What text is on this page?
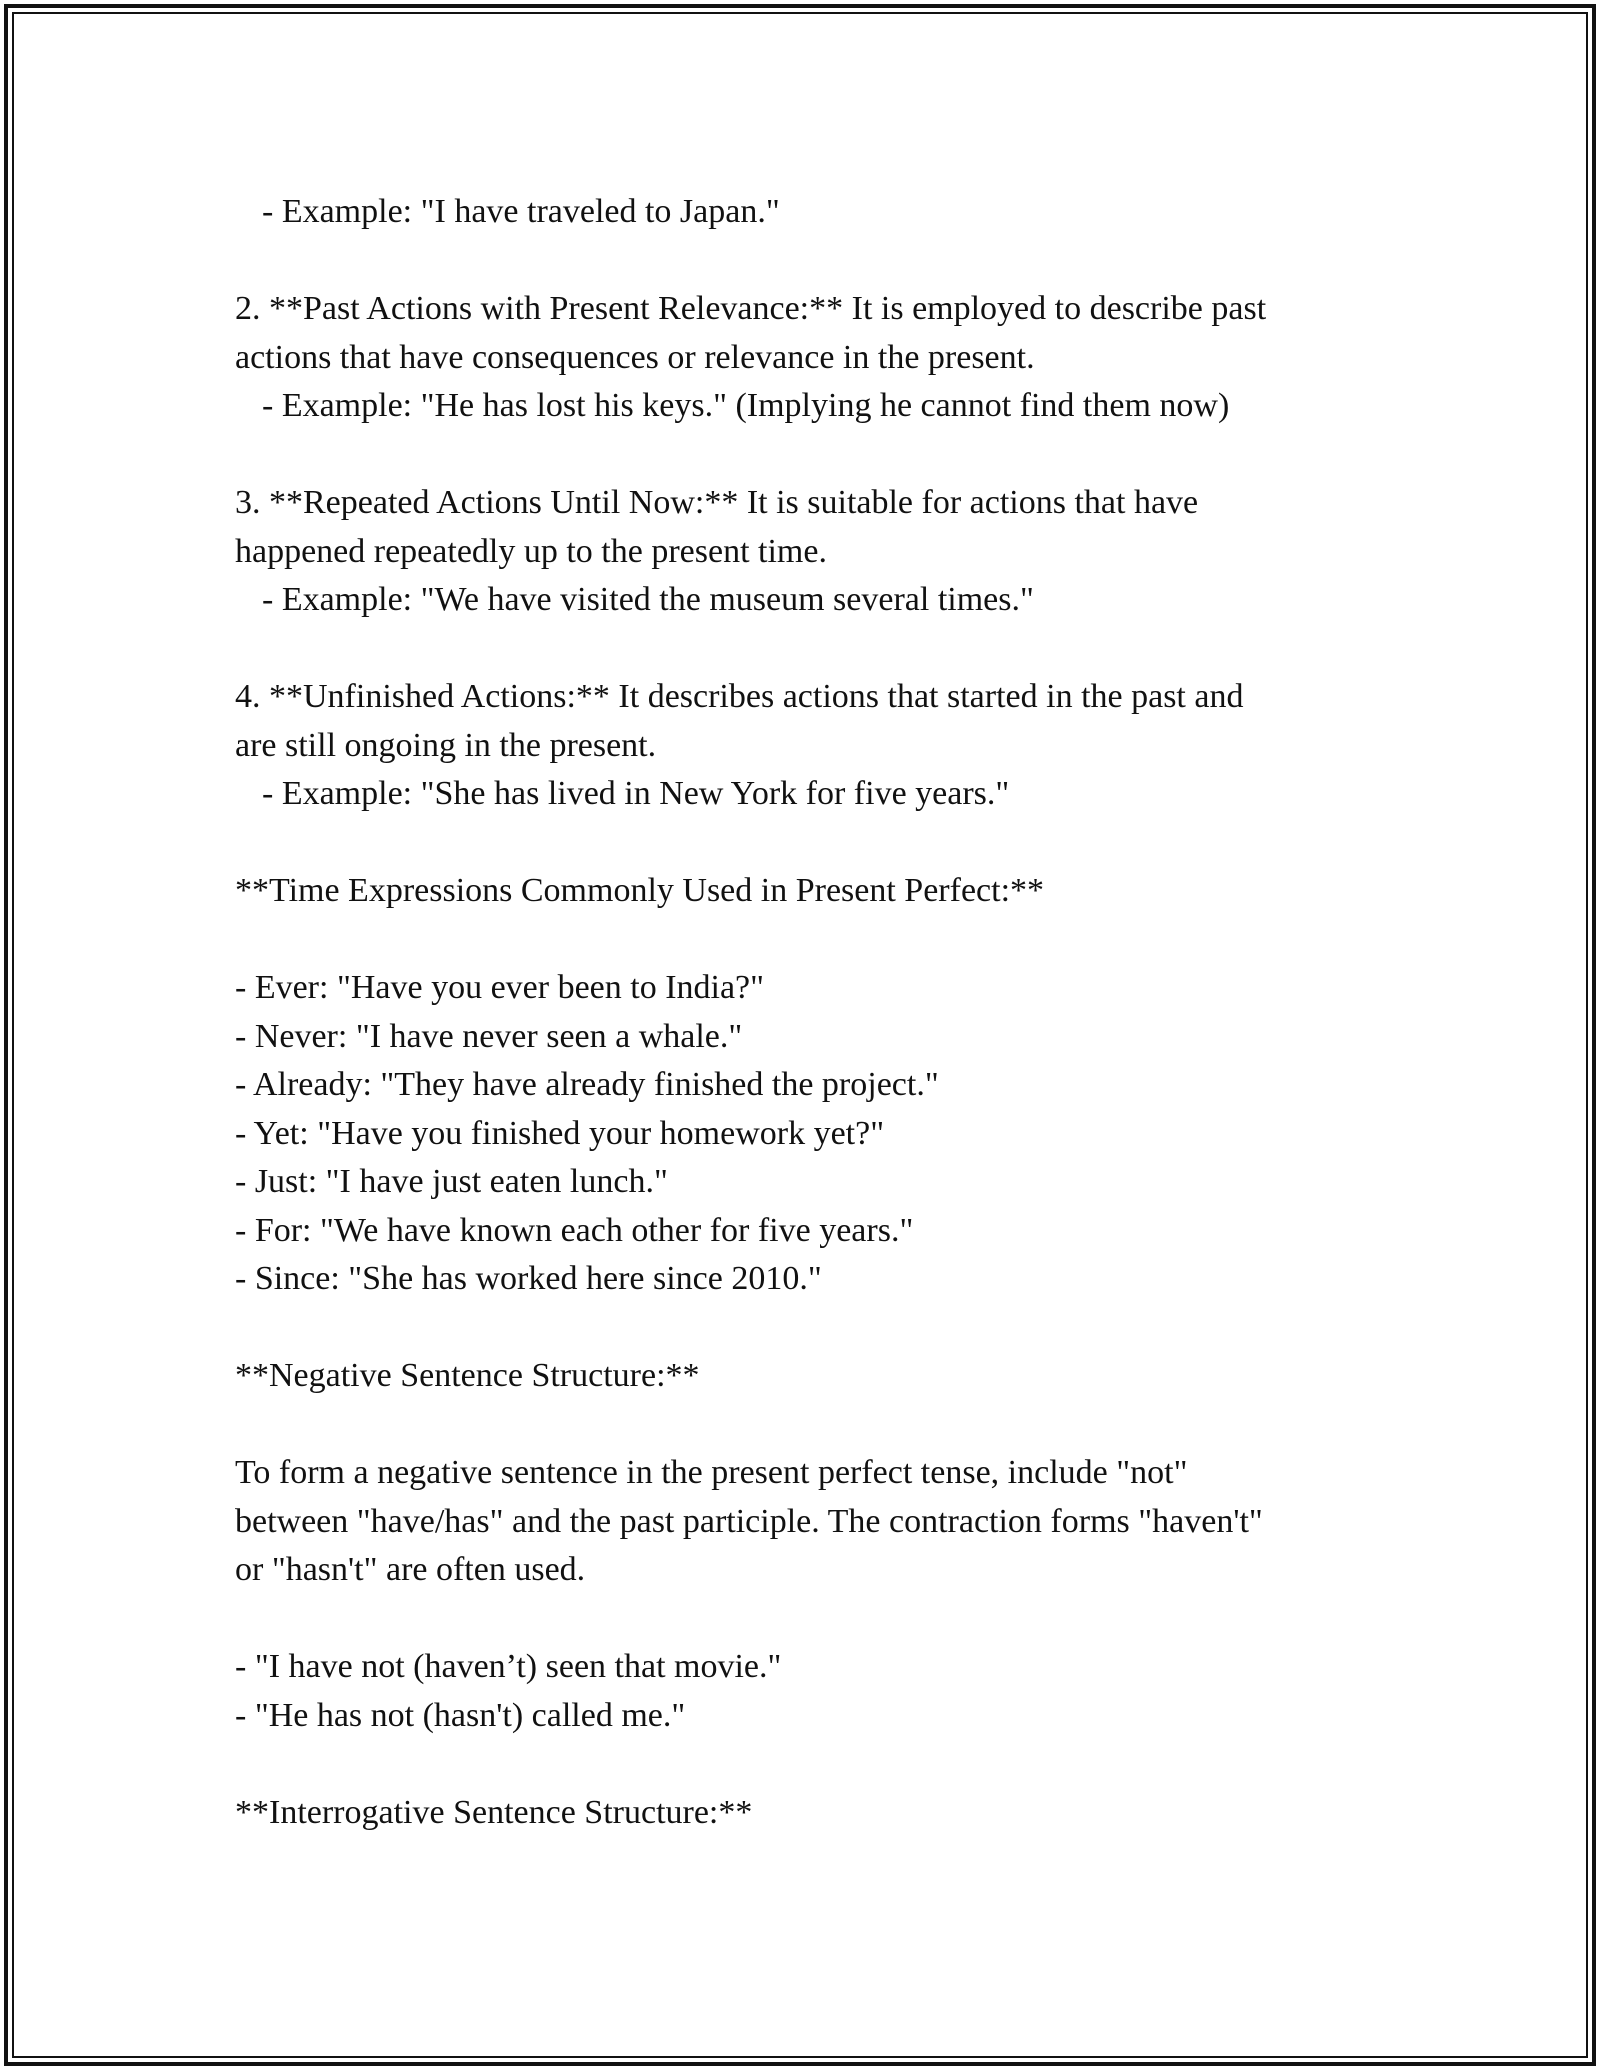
- Example: "I have traveled to Japan."
2. **Past Actions with Present Relevance:** It is employed to describe past
actions that have consequences or relevance in the present.
- Example: "He has lost his keys." (Implying he cannot find them now)
3. **Repeated Actions Until Now:** It is suitable for actions that have
happened repeatedly up to the present time.
- Example: "We have visited the museum several times."
4. **Unfinished Actions:** It describes actions that started in the past and
are still ongoing in the present.
- Example: "She has lived in New York for five years."
**Time Expressions Commonly Used in Present Perfect:**
- Ever: "Have you ever been to India?"
- Never: "I have never seen a whale."
- Already: "They have already finished the project."
- Yet: "Have you finished your homework yet?"
- Just: "I have just eaten lunch."
- For: "We have known each other for five years."
- Since: "She has worked here since 2010."
**Negative Sentence Structure:**
To form a negative sentence in the present perfect tense, include "not"
between "have/has" and the past participle. The contraction forms "haven't"
or "hasn't" are often used.
- "I have not (haven’t) seen that movie."
- "He has not (hasn't) called me."
**Interrogative Sentence Structure:**
